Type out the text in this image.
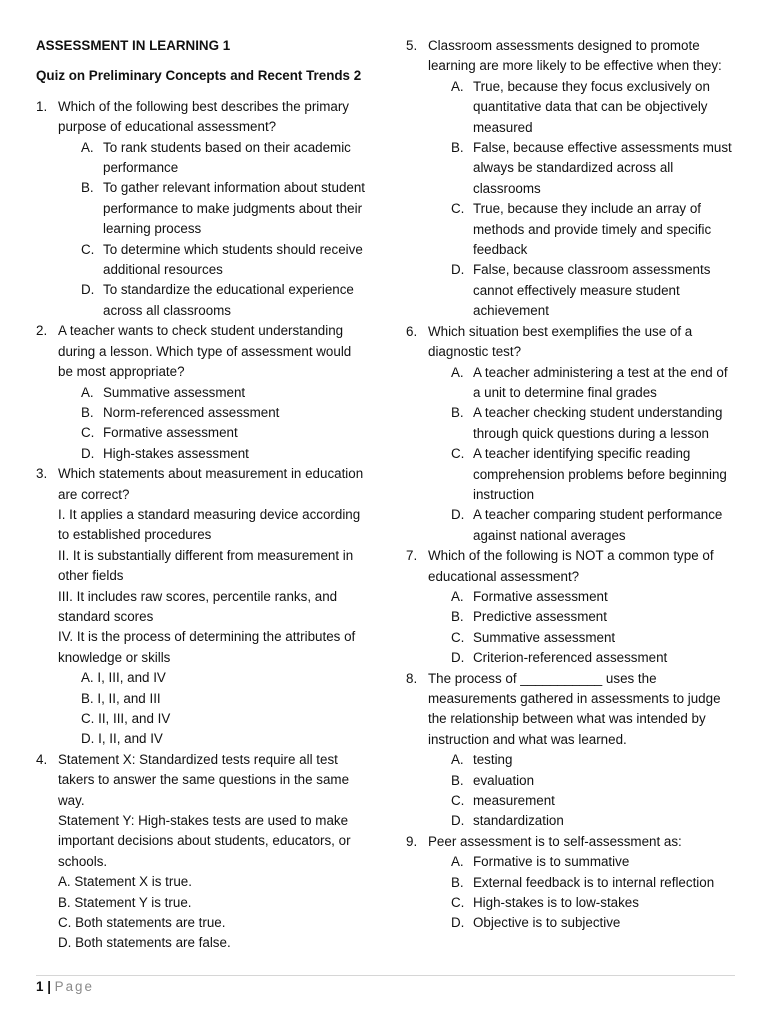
ASSESSMENT IN LEARNING 1

Quiz on Preliminary Concepts and Recent Trends 2

1. Which of the following best describes the primary purpose of educational assessment?

A. To rank students based on their academic performance
B. To gather relevant information about student performance to make judgments about their learning process
C. To determine which students should receive additional resources
D. To standardize the educational experience across all classrooms
2. A teacher wants to check student understanding during a lesson. Which type of assessment would be most appropriate?

A. Summative assessment
B. Norm-referenced assessment
C. Formative assessment
D. High-stakes assessment
3. Which statements about measurement in education are correct?

I. It applies a standard measuring device according to established procedures

II. It is substantially different from measurement in other fields

III. It includes raw scores, percentile ranks, and standard scores

IV. It is the process of determining the attributes of knowledge or skills

A. I, III, and IV
B. I, II, and III
C. II, III, and IV
D. I, II, and IV
4. Statement X: Standardized tests require all test takers to answer the same questions in the same way.

Statement Y: High-stakes tests are used to make important decisions about students, educators, or schools.

A. Statement X is true.
B. Statement Y is true.
C. Both statements are true.
D. Both statements are false.
5. Classroom assessments designed to promote learning are more likely to be effective when they:

A. True, because they focus exclusively on quantitative data that can be objectively measured
B. False, because effective assessments must always be standardized across all classrooms
C. True, because they include an array of methods and provide timely and specific feedback
D. False, because classroom assessments cannot effectively measure student achievement
6. Which situation best exemplifies the use of a diagnostic test?

A. A teacher administering a test at the end of a unit to determine final grades
B. A teacher checking student understanding through quick questions during a lesson
C. A teacher identifying specific reading comprehension problems before beginning instruction
D. A teacher comparing student performance against national averages
7. Which of the following is NOT a common type of educational assessment?

A. Formative assessment
B. Predictive assessment
C. Summative assessment
D. Criterion-referenced assessment
8. The process of ___________ uses the measurements gathered in assessments to judge the relationship between what was intended by instruction and what was learned.

A. testing
B. evaluation
C. measurement
D. standardization
9. Peer assessment is to self-assessment as:

A. Formative is to summative
B. External feedback is to internal reflection
C. High-stakes is to low-stakes
D. Objective is to subjective
1 | Page
